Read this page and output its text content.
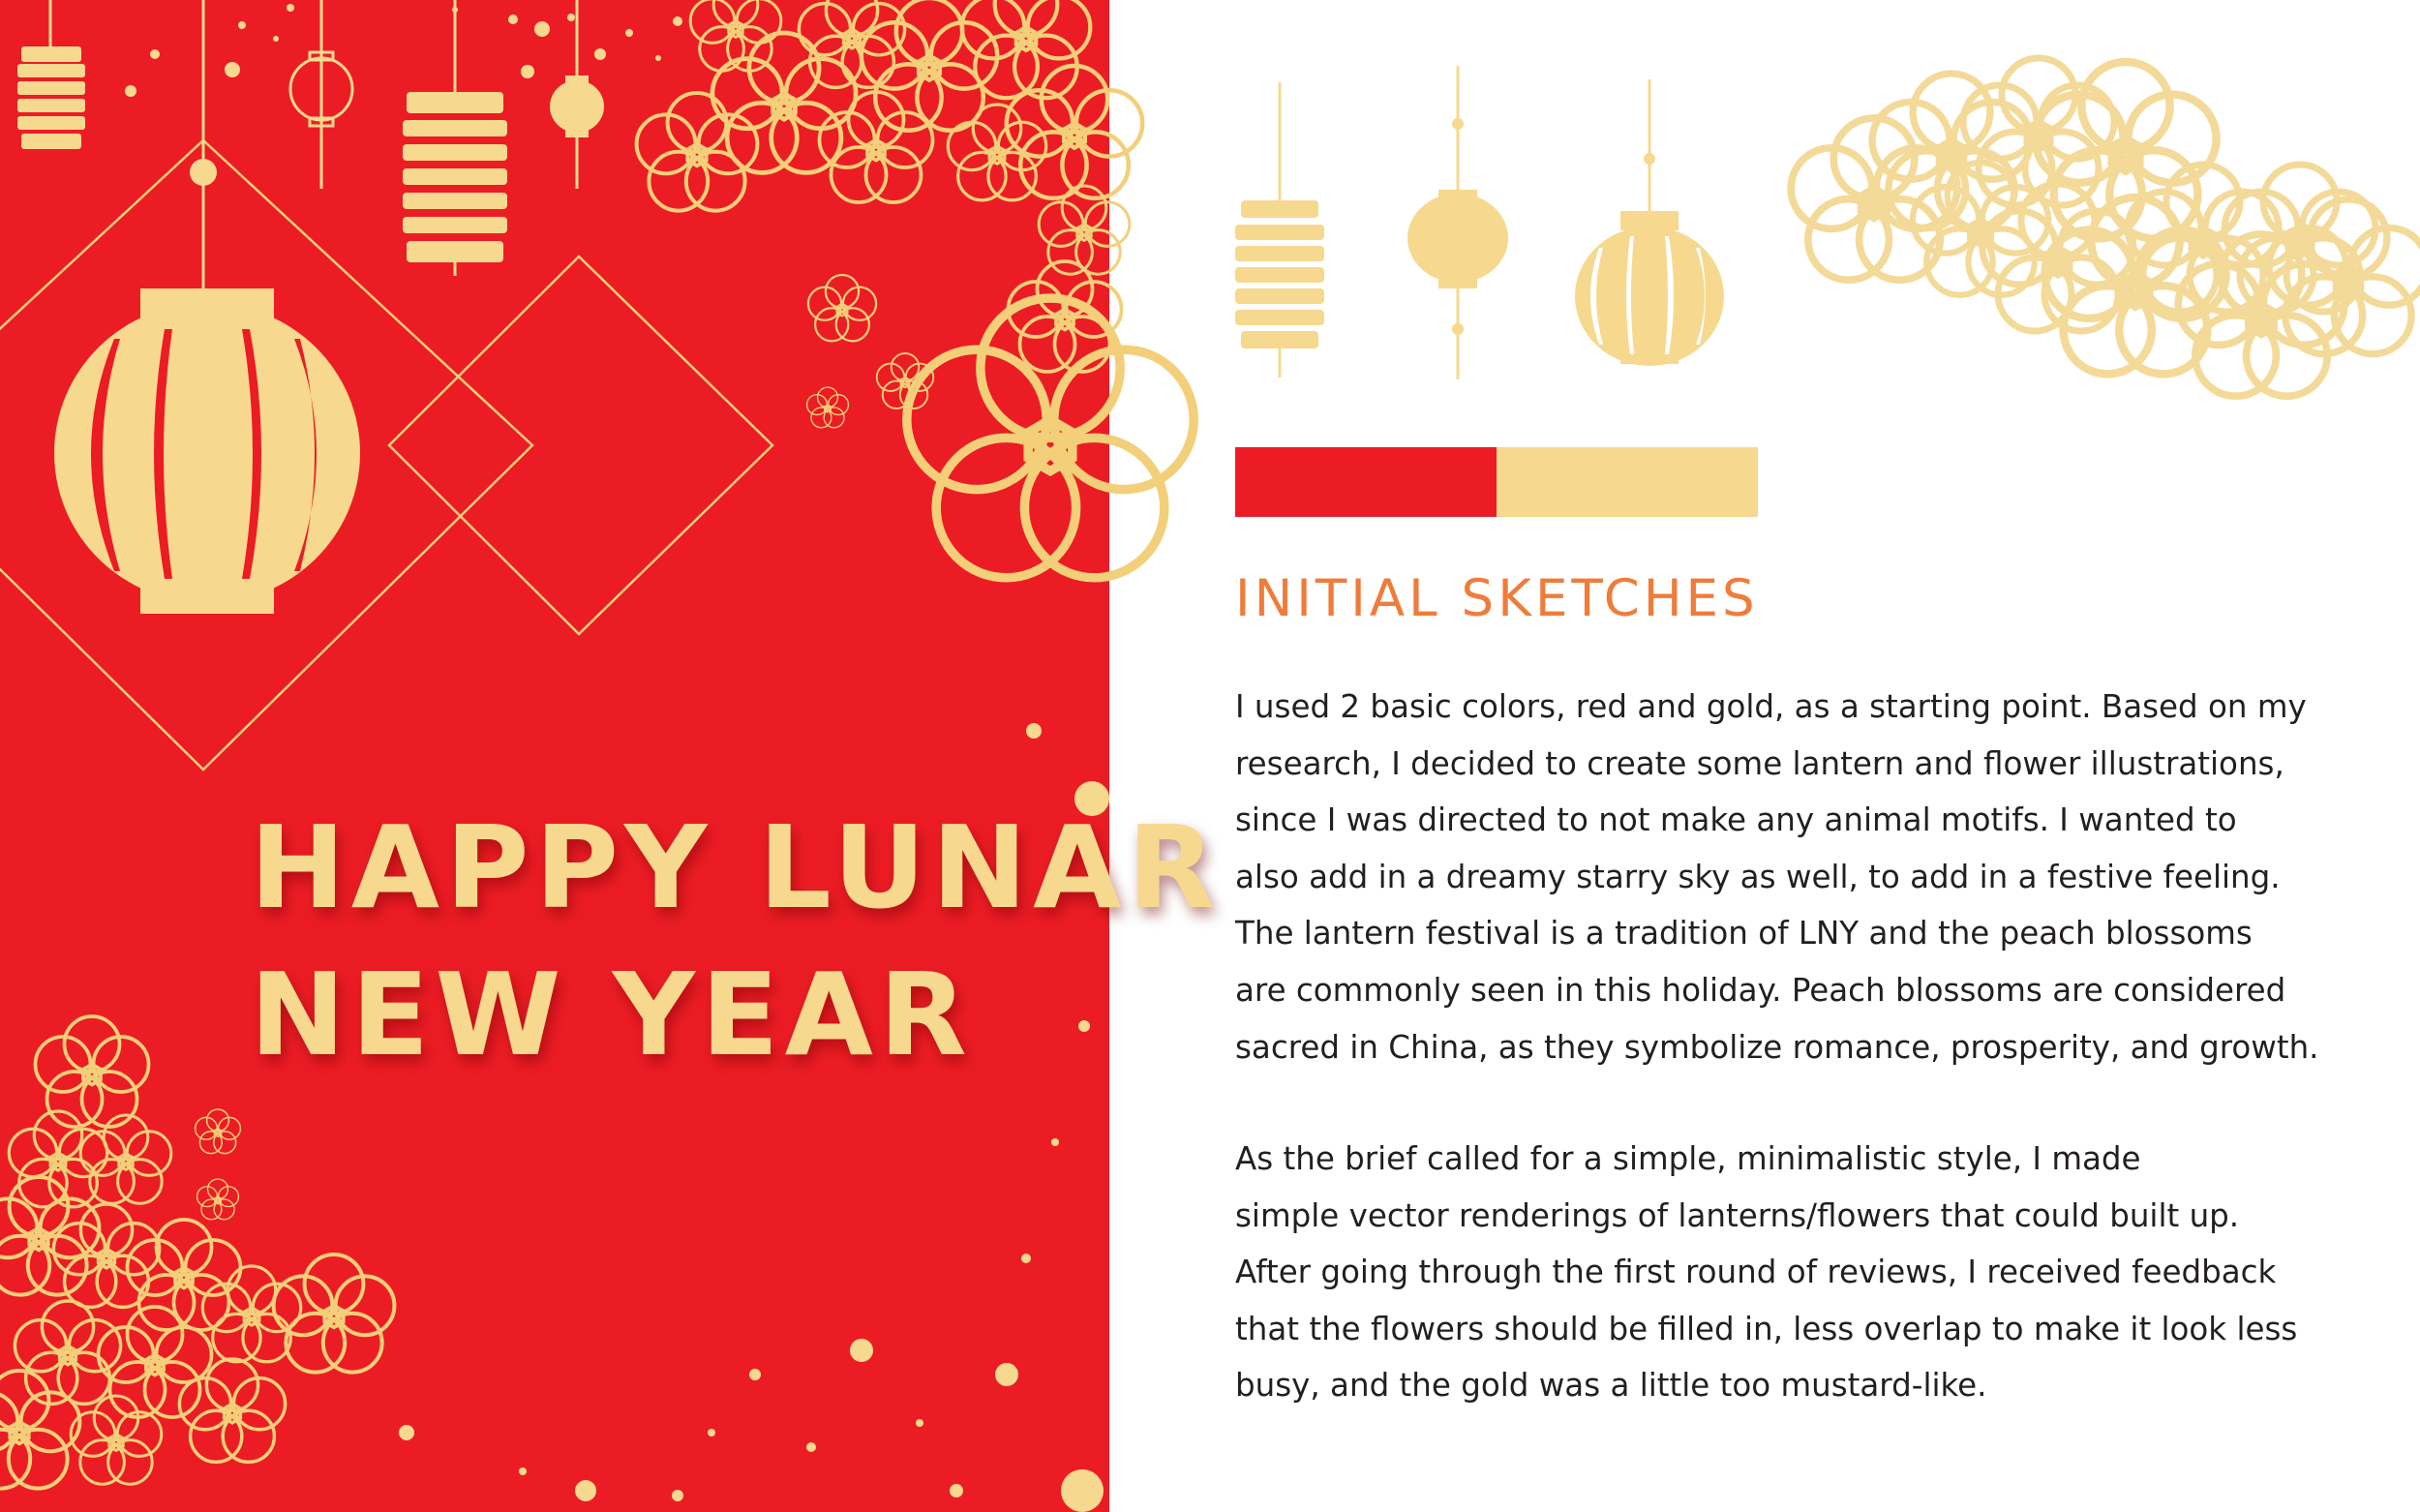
HAPPY LUNAR
NEW YEAR
INITIAL SKETCHES

I used 2 basic colors, red and gold, as a starting point. Based on my
research, I decided to create some lantern and flower illustrations,
since I was directed to not make any animal motifs. I wanted to
also add in a dreamy starry sky as well, to add in a festive feeling.
The lantern festival is a tradition of LNY and the peach blossoms
are commonly seen in this holiday. Peach blossoms are considered
sacred in China, as they symbolize romance, prosperity, and growth.

As the brief called for a simple, minimalistic style, I made
simple vector renderings of lanterns/flowers that could built up.
After going through the first round of reviews, I received feedback
that the flowers should be filled in, less overlap to make it look less
busy, and the gold was a little too mustard-like.
